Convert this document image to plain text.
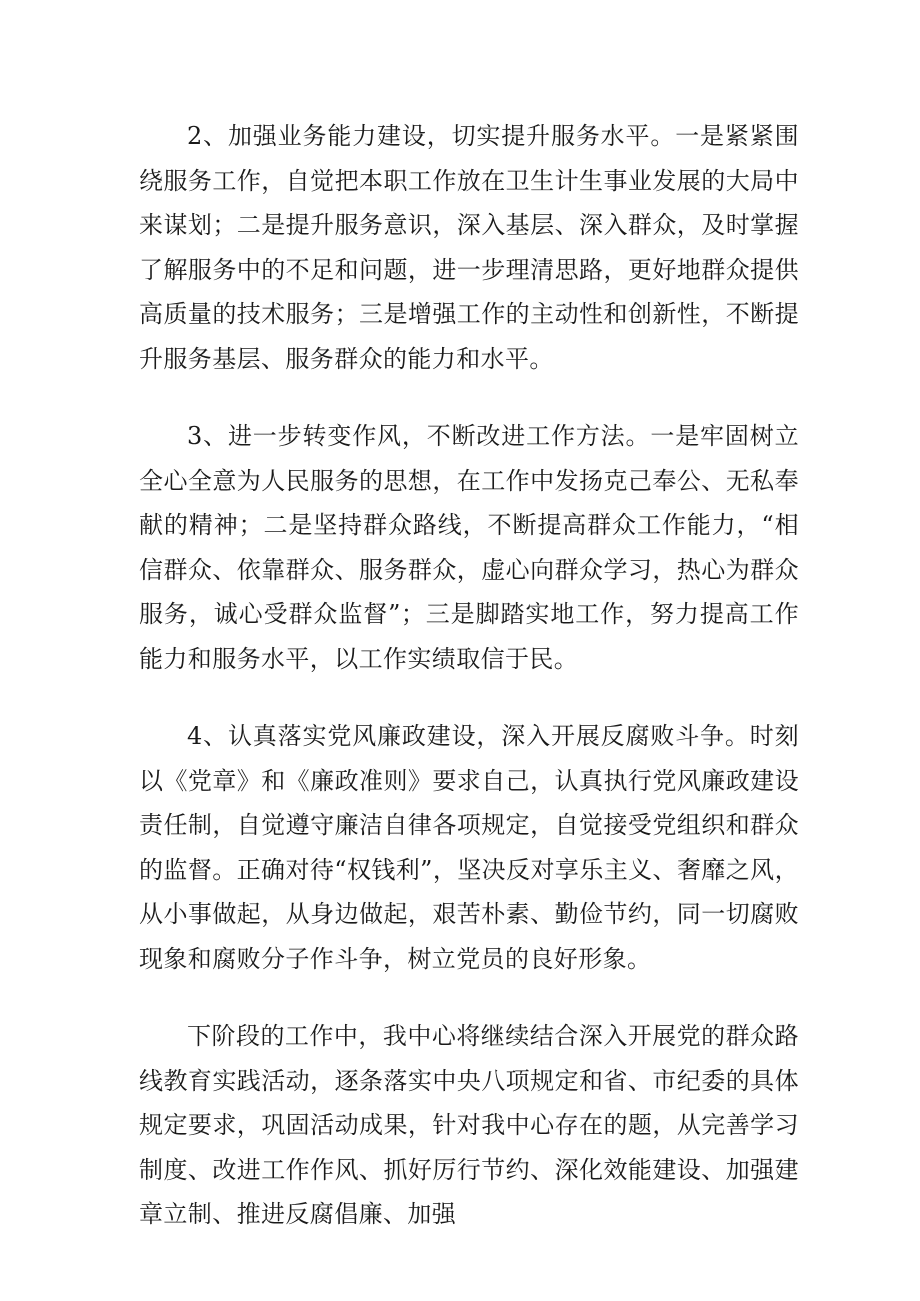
2、加强业务能力建设，切实提升服务水平。一是紧紧围绕服务工作，自觉把本职工作放在卫生计生事业发展的大局中来谋划；二是提升服务意识，深入基层、深入群众，及时掌握了解服务中的不足和问题，进一步理清思路，更好地群众提供高质量的技术服务；三是增强工作的主动性和创新性，不断提升服务基层、服务群众的能力和水平。

3、进一步转变作风，不断改进工作方法。一是牢固树立全心全意为人民服务的思想，在工作中发扬克己奉公、无私奉献的精神；二是坚持群众路线，不断提高群众工作能力，“相信群众、依靠群众、服务群众，虚心向群众学习，热心为群众服务，诚心受群众监督”；三是脚踏实地工作，努力提高工作能力和服务水平，以工作实绩取信于民。

4、认真落实党风廉政建设，深入开展反腐败斗争。时刻以《党章》和《廉政准则》要求自己，认真执行党风廉政建设责任制，自觉遵守廉洁自律各项规定，自觉接受党组织和群众的监督。正确对待“权钱利”，坚决反对享乐主义、奢靡之风，从小事做起，从身边做起，艰苦朴素、勤俭节约，同一切腐败现象和腐败分子作斗争，树立党员的良好形象。

下阶段的工作中，我中心将继续结合深入开展党的群众路线教育实践活动，逐条落实中央八项规定和省、市纪委的具体规定要求，巩固活动成果，针对我中心存在的题，从完善学习制度、改进工作作风、抓好厉行节约、深化效能建设、加强建章立制、推进反腐倡廉、加强
